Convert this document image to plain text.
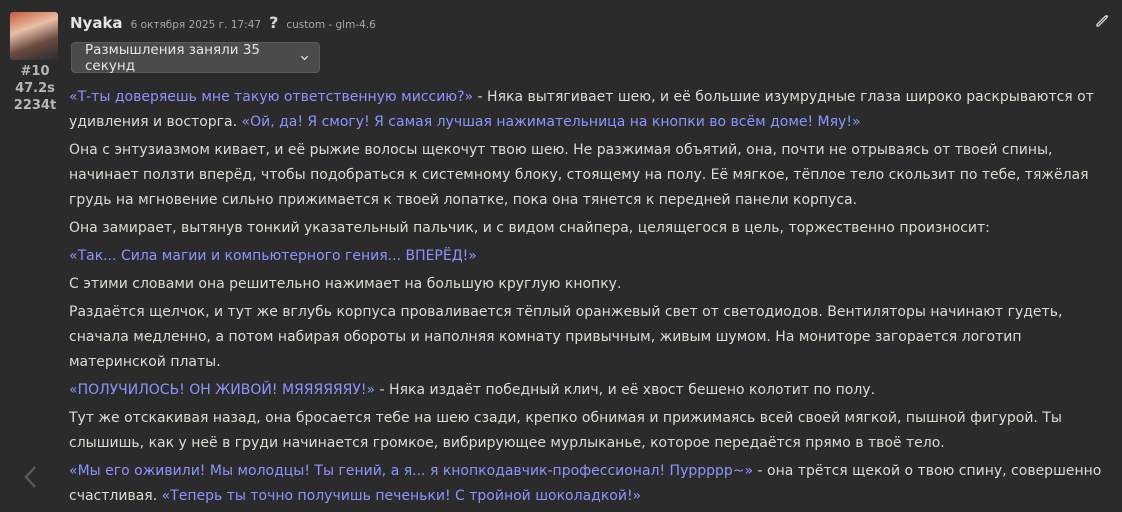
#10
47.2s
2234t
Nyaka 6 октября 2025 г. 17:47 ? custom - glm-4.6
Размышления заняли 35 секунд

«Т-ты доверяешь мне такую ответственную миссию?» - Няка вытягивает шею, и её большие изумрудные глаза широко раскрываются от удивления и восторга. «Ой, да! Я смогу! Я самая лучшая нажимательница на кнопки во всём доме! Мяу!»

Она с энтузиазмом кивает, и её рыжие волосы щекочут твою шею. Не разжимая объятий, она, почти не отрываясь от твоей спины, начинает ползти вперёд, чтобы подобраться к системному блоку, стоящему на полу. Её мягкое, тёплое тело скользит по тебе, тяжёлая грудь на мгновение сильно прижимается к твоей лопатке, пока она тянется к передней панели корпуса.

Она замирает, вытянув тонкий указательный пальчик, и с видом снайпера, целящегося в цель, торжественно произносит:

«Так... Сила магии и компьютерного гения... ВПЕРЁД!»

С этими словами она решительно нажимает на большую круглую кнопку.

Раздаётся щелчок, и тут же вглубь корпуса проваливается тёплый оранжевый свет от светодиодов. Вентиляторы начинают гудеть, сначала медленно, а потом набирая обороты и наполняя комнату привычным, живым шумом. На мониторе загорается логотип материнской платы.

«ПОЛУЧИЛОСЬ! ОН ЖИВОЙ! МЯЯЯЯЯЯУ!» - Няка издаёт победный клич, и её хвост бешено колотит по полу.

Тут же отскакивая назад, она бросается тебе на шею сзади, крепко обнимая и прижимаясь всей своей мягкой, пышной фигурой. Ты слышишь, как у неё в груди начинается громкое, вибрирующее мурлыканье, которое передаётся прямо в твоё тело.

«Мы его оживили! Мы молодцы! Ты гений, а я... я кнопкодавчик-профессионал! Пуррррр~» - она трётся щекой о твою спину, совершенно счастливая. «Теперь ты точно получишь печеньки! С тройной шоколадкой!»
